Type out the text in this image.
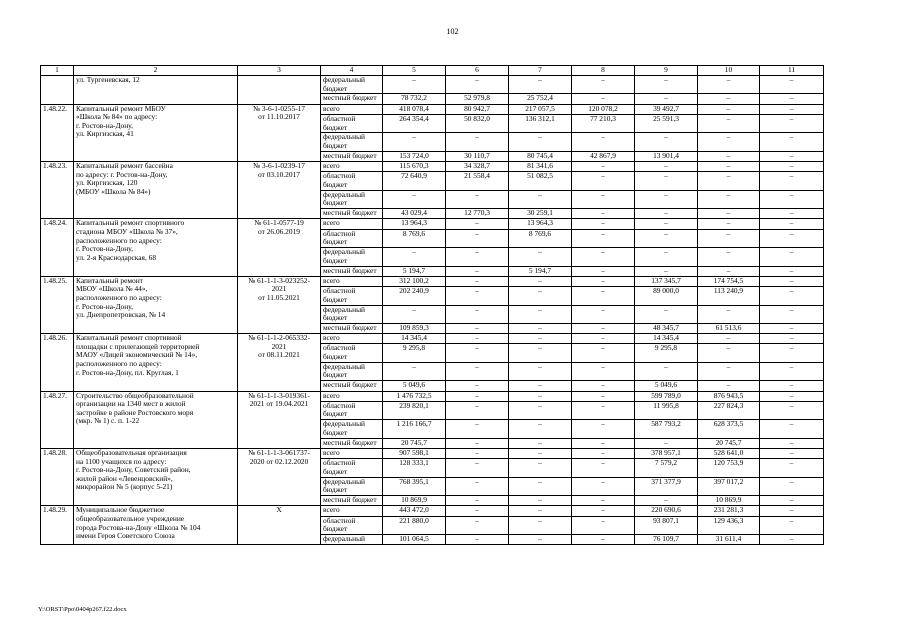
102
1	2	3	4	5	6	7	8	9	10	11
	ул. Тургеневская, 12		федеральный
бюджет	–	–	–	–	–	–	–
			местный бюджет	78 732,2	52 979,8	25 752,4	–	–	–	–
1.48.22.	Капитальный ремонт МБОУ
«Школа № 84» по адресу:
г. Ростов-на-Дону,
ул. Киргизская, 41	№ 3-6-1-0255-17
от 11.10.2017	всего	418 078,4	80 942,7	217 057,5	120 078,2	39 492,7	–	–
			областной
бюджет	264 354,4	50 832,0	136 312,1	77 210,3	25 591,3	–	–
			федеральный
бюджет	–	–	–	–	–	–	–
			местный бюджет	153 724,0	30 110,7	80 745,4	42 867,9	13 901,4	–	–
1.48.23.	Капитальный ремонт бассейна
по адресу: г. Ростов-на-Дону,
ул. Киргизская, 120
(МБОУ «Школа № 84»)	№ 3-6-1-0239-17
от 03.10.2017	всего	115 670,3	34 328,7	81 341,6	–	–	–	–
			областной
бюджет	72 640,9	21 558,4	51 082,5	–	–	–	–
			федеральный
бюджет	–	–	–	–	–	–	–
			местный бюджет	43 029,4	12 770,3	30 259,1	–	–	–	–
1.48.24.	Капитальный ремонт спортивного
стадиона МБОУ «Школа № 37»,
расположенного по адресу:
г. Ростов-на-Дону,
ул. 2-я Краснодарская, 68	№ 61-1-0577-19
от 26.06.2019	всего	13 964,3	–	13 964,3	–	–	–	–
			областной
бюджет	8 769,6	–	8 769,6	–	–	–	–
			федеральный
бюджет	–	–	–	–	–	–	–
			местный бюджет	5 194,7	–	5 194,7	–	–	–	–
1.48.25.	Капитальный ремонт
МБОУ «Школа № 44»,
расположенного по адресу:
г. Ростов-на-Дону,
ул. Днепропетровская, № 14	№ 61-1-1-3-023252-
2021
от 11.05.2021	всего	312 100,2	–	–	–	137 345,7	174 754,5	–
			областной
бюджет	202 240,9	–	–	–	89 000,0	113 240,9	–
			федеральный
бюджет	–	–	–	–	–	–	–
			местный бюджет	109 859,3	–	–	–	48 345,7	61 513,6	–
1.48.26.	Капитальный ремонт спортивной
площадки с прилегающей территорией
МАОУ «Лицей экономический № 14»,
расположенного по адресу:
г. Ростов-на-Дону, пл. Круглая, 1	№ 61-1-1-2-065332-
2021
от 08.11.2021	всего	14 345,4	–	–	–	14 345,4	–	–
			областной
бюджет	9 295,8	–	–	–	9 295,8	–	–
			федеральный
бюджет	–	–	–	–	–	–	–
			местный бюджет	5 049,6	–	–	–	5 049,6	–	–
1.48.27.	Строительство общеобразовательной
организации на 1340 мест в жилой
застройке в районе Ростовского моря
(мкр. № 1) с. п. 1-22	№ 61-1-1-3-019361-
2021 от 19.04.2021	всего	1 476 732,5	–	–	–	599 789,0	876 943,5	–
			областной
бюджет	239 820,1	–	–	–	11 995,8	227 824,3	–
			федеральный
бюджет	1 216 166,7	–	–	–	587 793,2	628 373,5	–
			местный бюджет	20 745,7	–	–	–	–	20 745,7	–
1.48.28.	Общеобразовательная организация
на 1100 учащихся по адресу:
г. Ростов-на-Дону, Советский район,
жилой район «Левенцовский»,
микрорайон № 5 (корпус 5-21)	№ 61-1-1-3-061737-
2020 от 02.12.2020	всего	907 598,1	–	–	–	378 957,1	528 641,0	–
			областной
бюджет	128 333,1	–	–	–	7 579,2	120 753,9	–
			федеральный
бюджет	768 395,1	–	–	–	371 377,9	397 017,2	–
			местный бюджет	10 869,9	–	–	–	–	10 869,9	–
1.48.29.	Муниципальное бюджетное
общеобразовательное учреждение
города Ростова-на-Дону «Школа № 104
имени Героя Советского Союза	X	всего	443 472,0	–	–	–	220 690,6	231 281,3	–
			областной
бюджет	221 880,0	–	–	–	93 807,1	129 436,3	–
			федеральный	101 064,5	–	–	–	76 109,7	31 611,4	–
Y:\ORST\Ppo\0404p267.f22.docx
